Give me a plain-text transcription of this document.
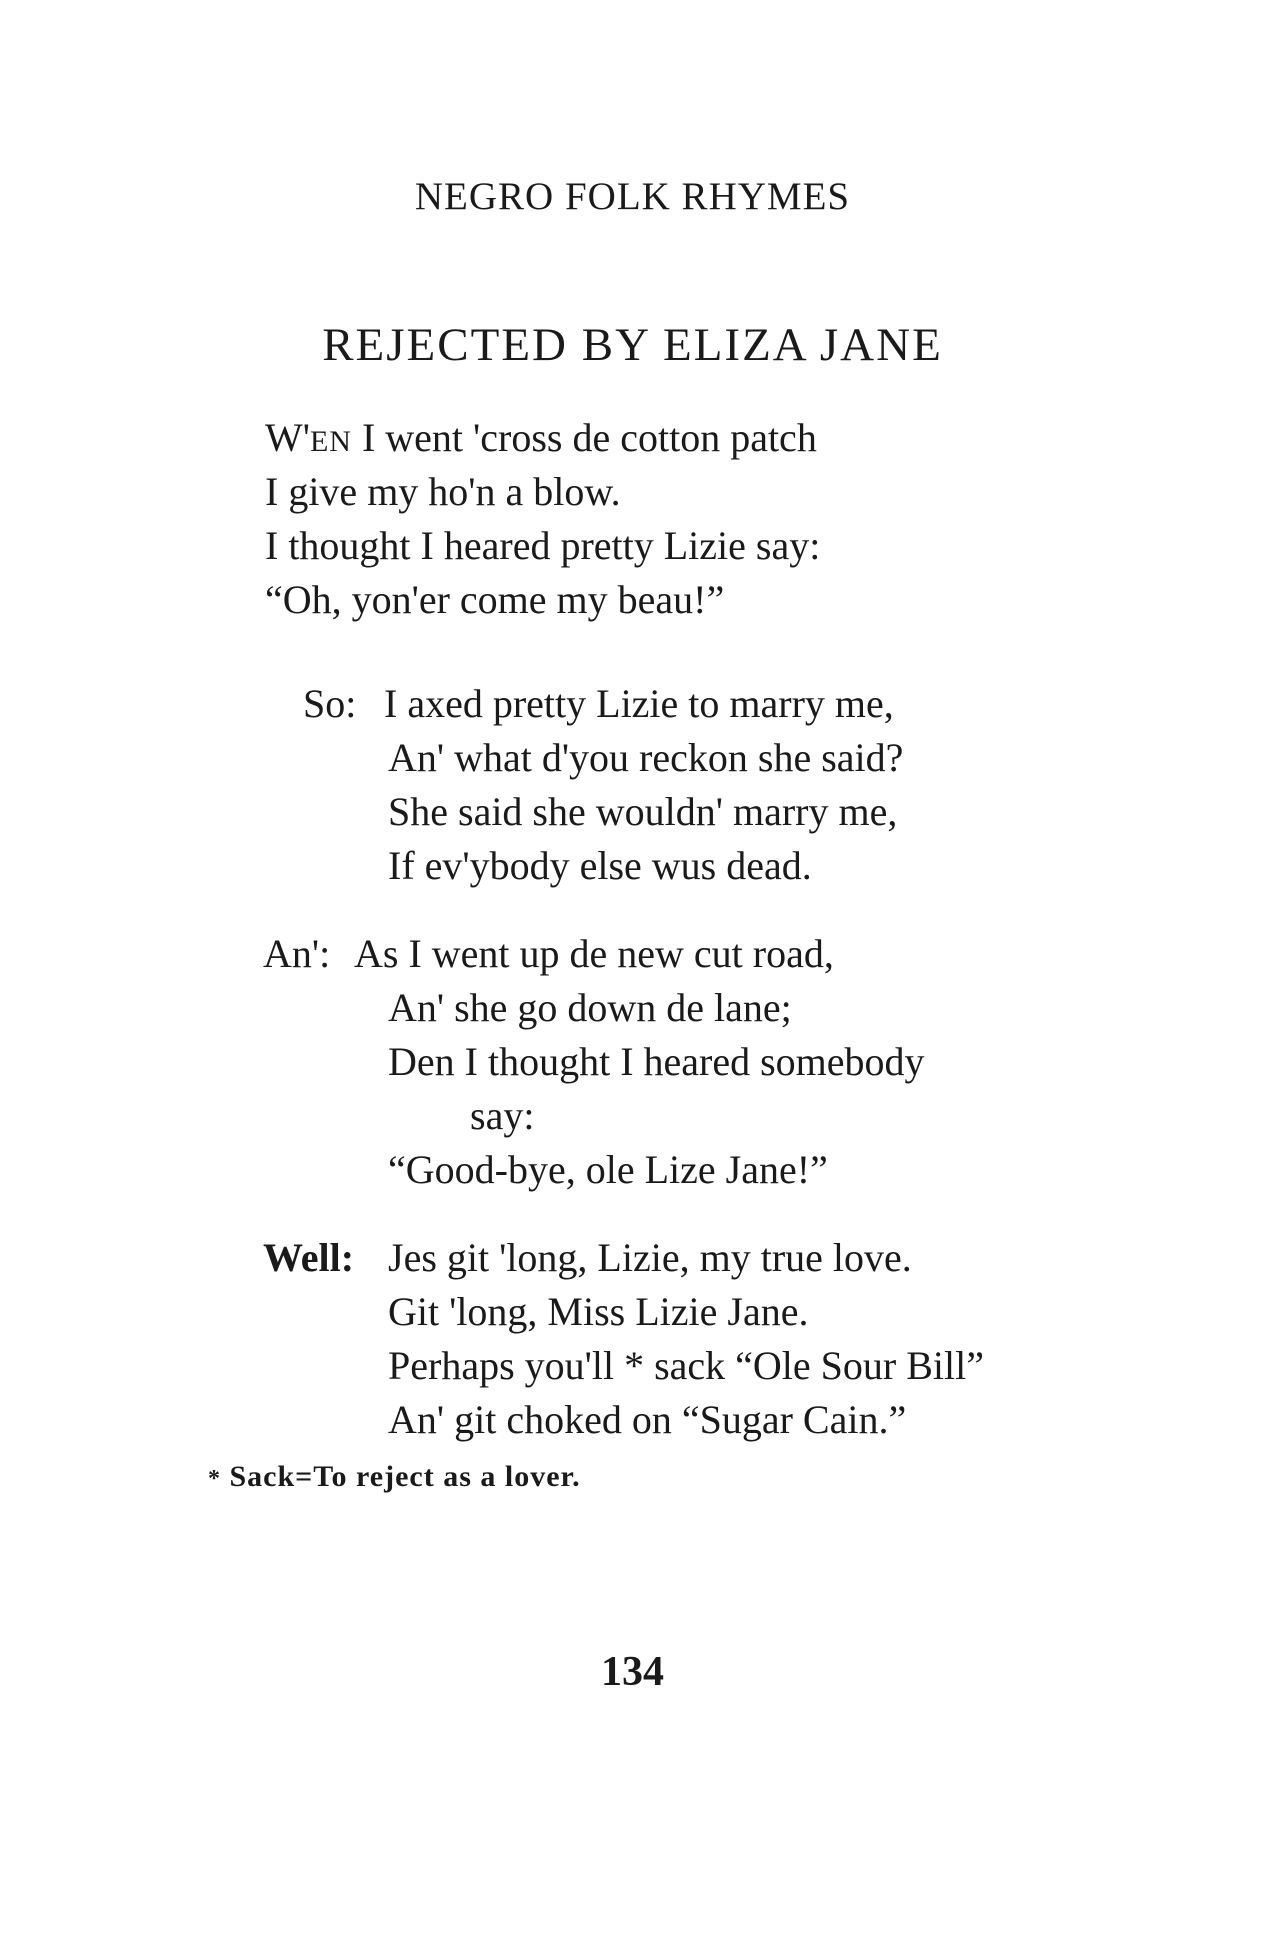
NEGRO FOLK RHYMES
REJECTED BY ELIZA JANE
W'EN I went 'cross de cotton patch
I give my ho'n a blow.
I thought I heared pretty Lizie say:
“Oh, yon'er come my beau!”
So: I axed pretty Lizie to marry me,
An' what d'you reckon she said?
She said she wouldn' marry me,
If ev'ybody else wus dead.
An': As I went up de new cut road,
An' she go down de lane;
Den I thought I heared somebody
say:
“Good-bye, ole Lize Jane!”
Well: Jes git 'long, Lizie, my true love.
Git 'long, Miss Lizie Jane.
Perhaps you'll * sack “Ole Sour Bill”
An' git choked on “Sugar Cain.”
* Sack=To reject as a lover.
134
